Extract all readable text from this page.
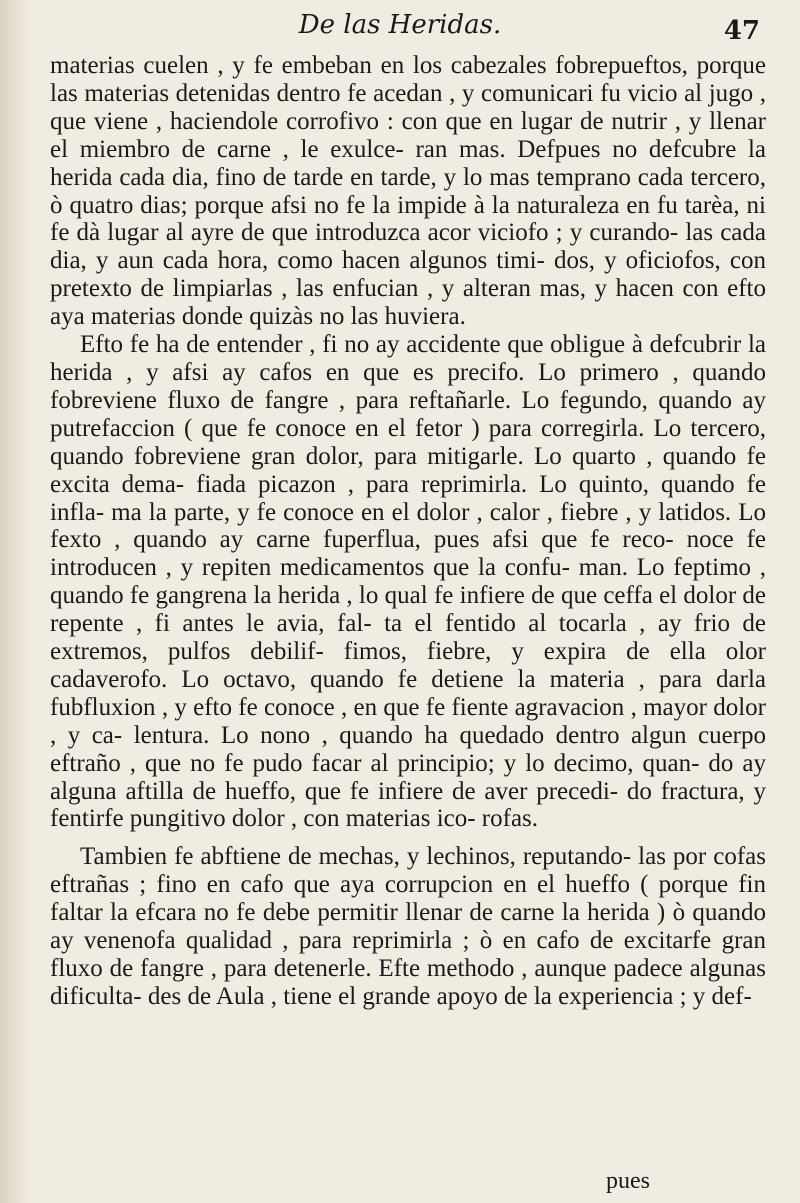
De las Heridas.	47

materias cuelen , y fe embeban en los cabezales fobrepueftos, porque las materias detenidas dentro fe acedan , y comunicari fu vicio al jugo , que viene , haciendole corrofivo : con que en lugar de nutrir , y llenar el miembro de carne , le exulce- ran mas. Defpues no defcubre la herida cada dia, fino de tarde en tarde, y lo mas temprano cada tercero, ò quatro dias; porque afsi no fe la impide à la naturaleza en fu tarèa, ni fe dà lugar al ayre de que introduzca acor viciofo ; y curando- las cada dia, y aun cada hora, como hacen algunos timi- dos, y oficiofos, con pretexto de limpiarlas , las enfucian , y alteran mas, y hacen con efto aya materias donde quizàs no las huviera.

Efto fe ha de entender , fi no ay accidente que obligue à defcubrir la herida , y afsi ay cafos en que es precifo. Lo primero , quando fobreviene fluxo de fangre , para reftañarle. Lo fegundo, quando ay putrefaccion ( que fe conoce en el fetor ) para corregirla. Lo tercero, quando fobreviene gran dolor, para mitigarle. Lo quarto , quando fe excita dema- fiada picazon , para reprimirla. Lo quinto, quando fe infla- ma la parte, y fe conoce en el dolor , calor , fiebre , y latidos. Lo fexto , quando ay carne fuperflua, pues afsi que fe reco- noce fe introducen , y repiten medicamentos que la confu- man. Lo feptimo , quando fe gangrena la herida , lo qual fe infiere de que ceffa el dolor de repente , fi antes le avia, fal- ta el fentido al tocarla , ay frio de extremos, pulfos debilif- fimos, fiebre, y expira de ella olor cadaverofo. Lo octavo, quando fe detiene la materia , para darla fubfluxion , y efto fe conoce , en que fe fiente agravacion , mayor dolor , y ca- lentura. Lo nono , quando ha quedado dentro algun cuerpo eftraño , que no fe pudo facar al principio; y lo decimo, quan- do ay alguna aftilla de hueffo, que fe infiere de aver precedi- do fractura, y fentirfe pungitivo dolor , con materias ico- rofas.

Tambien fe abftiene de mechas, y lechinos, reputando- las por cofas eftrañas ; fino en cafo que aya corrupcion en el hueffo ( porque fin faltar la efcara no fe debe permitir llenar de carne la herida ) ò quando ay venenofa qualidad , para reprimirla ; ò en cafo de excitarfe gran fluxo de fangre , para detenerle. Efte methodo , aunque padece algunas dificulta- des de Aula , tiene el grande apoyo de la experiencia ; y def-

pues
